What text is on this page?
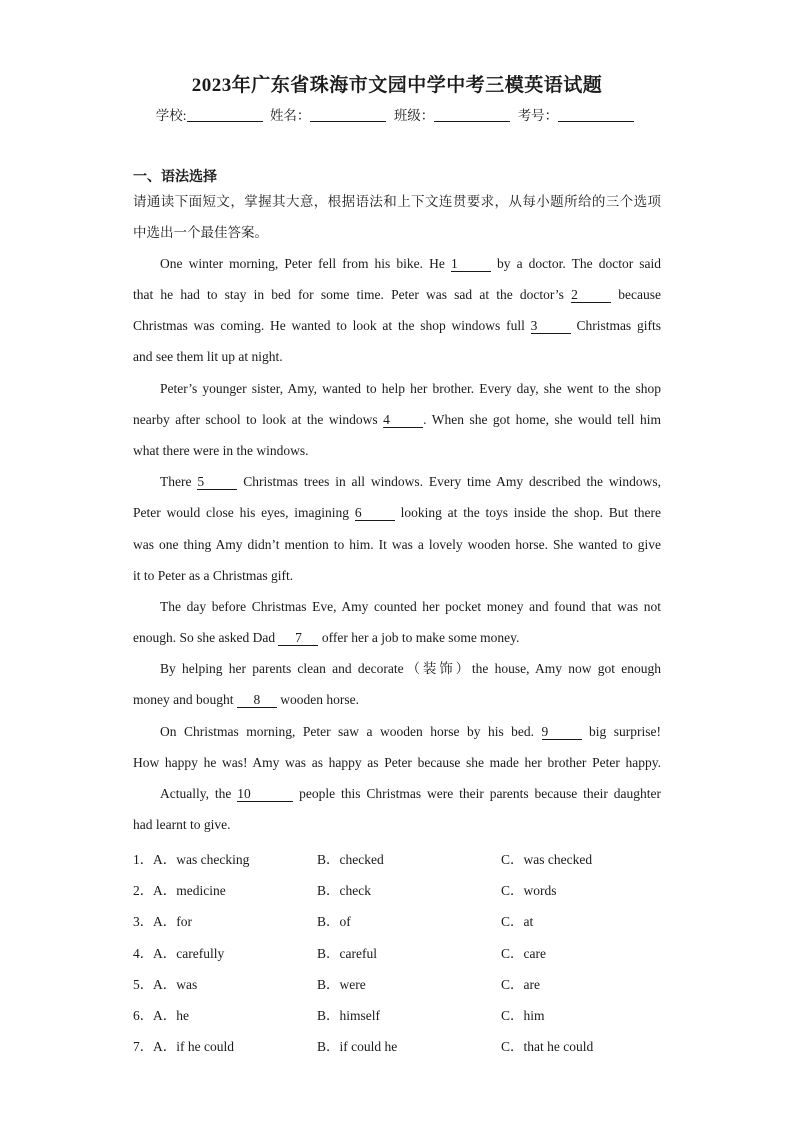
2023年广东省珠海市文园中学中考三模英语试题
学校:	姓名：	班级：	考号：
一、语法选择

请通读下面短文，掌握其大意，根据语法和上下文连贯要求，从每小题所给的三个选项

中选出一个最佳答案。

One winter morning, Peter fell from his bike. He 1	by a doctor. The doctor said

that he had to stay in bed for some time. Peter was sad at the doctor’s 2	because

Christmas was coming. He wanted to look at the shop windows full 3	Christmas gifts

and see them lit up at night.

Peter’s younger sister, Amy, wanted to help her brother. Every day, she went to the shop

nearby after school to look at the windows 4 . When she got home, she would tell him

what there were in the windows.

There 5	Christmas trees in all windows. Every time Amy described the windows,

Peter would close his eyes, imagining 6	looking at the toys inside the shop. But there

was one thing Amy didn’t mention to him. It was a lovely wooden horse. She wanted to give

it to Peter as a Christmas gift.

The day before Christmas Eve, Amy counted her pocket money and found that was not

enough. So she asked Dad 7 offer her a job to make some money.

By helping her parents clean and decorate（装饰）the house, Amy now got enough

money and bought 8 wooden horse.

On Christmas morning, Peter saw a wooden horse by his bed. 9	big surprise!

How happy he was! Amy was as happy as Peter because she made her brother Peter happy.

Actually, the 10	people this Christmas were their parents because their daughter

had learnt to give.

1． A．was checking	B．checked	C．was checked
2． A．medicine	B．check	C．words
3． A．for	B．of	C．at
4． A．carefully	B．careful	C．care
5． A．was	B．were	C．are
6． A．he	B．himself	C．him
7． A．if he could	B．if could he	C．that he could
